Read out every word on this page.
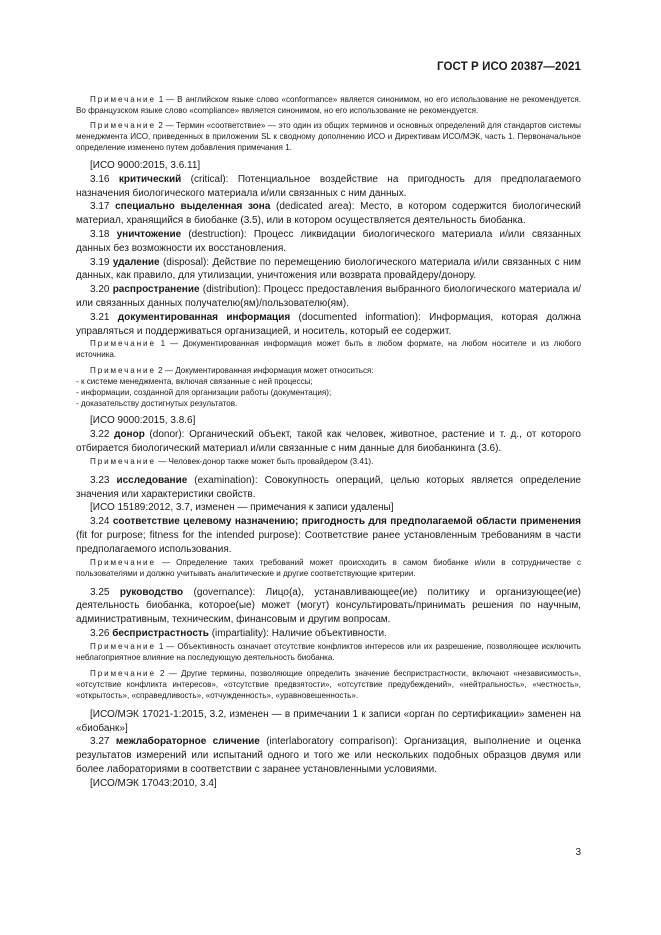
ГОСТ Р ИСО 20387—2021

Примечание 1 — В английском языке слово «conformance» является синонимом, но его использование не рекомендуется. Во французском языке слово «compliance» является синонимом, но его использование не рекомендуется.

Примечание 2 — Термин «соответствие» — это один из общих терминов и основных определений для стандартов системы менеджмента ИСО, приведенных в приложении SL к сводному дополнению ИСО и Директивам ИСО/МЭК, часть 1. Первоначальное определение изменено путем добавления примечания 1.

[ИСО 9000:2015, 3.6.11]

3.16 критический (critical): Потенциальное воздействие на пригодность для предполагаемого назначения биологического материала и/или связанных с ним данных.

3.17 специально выделенная зона (dedicated area): Место, в котором содержится биологический материал, хранящийся в биобанке (3.5), или в котором осуществляется деятельность биобанка.

3.18 уничтожение (destruction): Процесс ликвидации биологического материала и/или связанных данных без возможности их восстановления.

3.19 удаление (disposal): Действие по перемещению биологического материала и/или связанных с ним данных, как правило, для утилизации, уничтожения или возврата провайдеру/донору.

3.20 распространение (distribution): Процесс предоставления выбранного биологического материала и/или связанных данных получателю(ям)/пользователю(ям).

3.21 документированная информация (documented information): Информация, которая должна управляться и поддерживаться организацией, и носитель, который ее содержит.

Примечание 1 — Документированная информация может быть в любом формате, на любом носителе и из любого источника.

Примечание 2 — Документированная информация может относиться:

- к системе менеджмента, включая связанные с ней процессы;

- информации, созданной для организации работы (документация);

- доказательству достигнутых результатов.

[ИСО 9000:2015, 3.8.6]

3.22 донор (donor): Органический объект, такой как человек, животное, растение и т. д., от которого отбирается биологический материал и/или связанные с ним данные для биобанкинга (3.6).

Примечание — Человек-донор также может быть провайдером (3.41).

3.23 исследование (examination): Совокупность операций, целью которых является определение значения или характеристики свойств.

[ИСО 15189:2012, 3.7, изменен — примечания к записи удалены]

3.24 соответствие целевому назначению; пригодность для предполагаемой области применения (fit for purpose; fitness for the intended purpose): Соответствие ранее установленным требованиям в части предполагаемого использования.

Примечание — Определение таких требований может происходить в самом биобанке и/или в сотрудничестве с пользователями и должно учитывать аналитические и другие соответствующие критерии.

3.25 руководство (governance): Лицо(а), устанавливающее(ие) политику и организующее(ие) деятельность биобанка, которое(ые) может (могут) консультировать/принимать решения по научным, административным, техническим, финансовым и другим вопросам.

3.26 беспристрастность (impartiality): Наличие объективности.

Примечание 1 — Объективность означает отсутствие конфликтов интересов или их разрешение, позволяющее исключить неблагоприятное влияние на последующую деятельность биобанка.

Примечание 2 — Другие термины, позволяющие определить значение беспристрастности, включают «независимость», «отсутствие конфликта интересов», «отсутствие предвзятости», «отсутствие предубеждений», «нейтральность», «честность», «открытость», «справедливость», «отчужденность», «уравновешенность».

[ИСО/МЭК 17021-1:2015, 3.2, изменен — в примечании 1 к записи «орган по сертификации» заменен на «биобанк»]

3.27 межлабораторное сличение (interlaboratory comparison): Организация, выполнение и оценка результатов измерений или испытаний одного и того же или нескольких подобных образцов двумя или более лабораториями в соответствии с заранее установленными условиями.

[ИСО/МЭК 17043:2010, 3.4]

3
